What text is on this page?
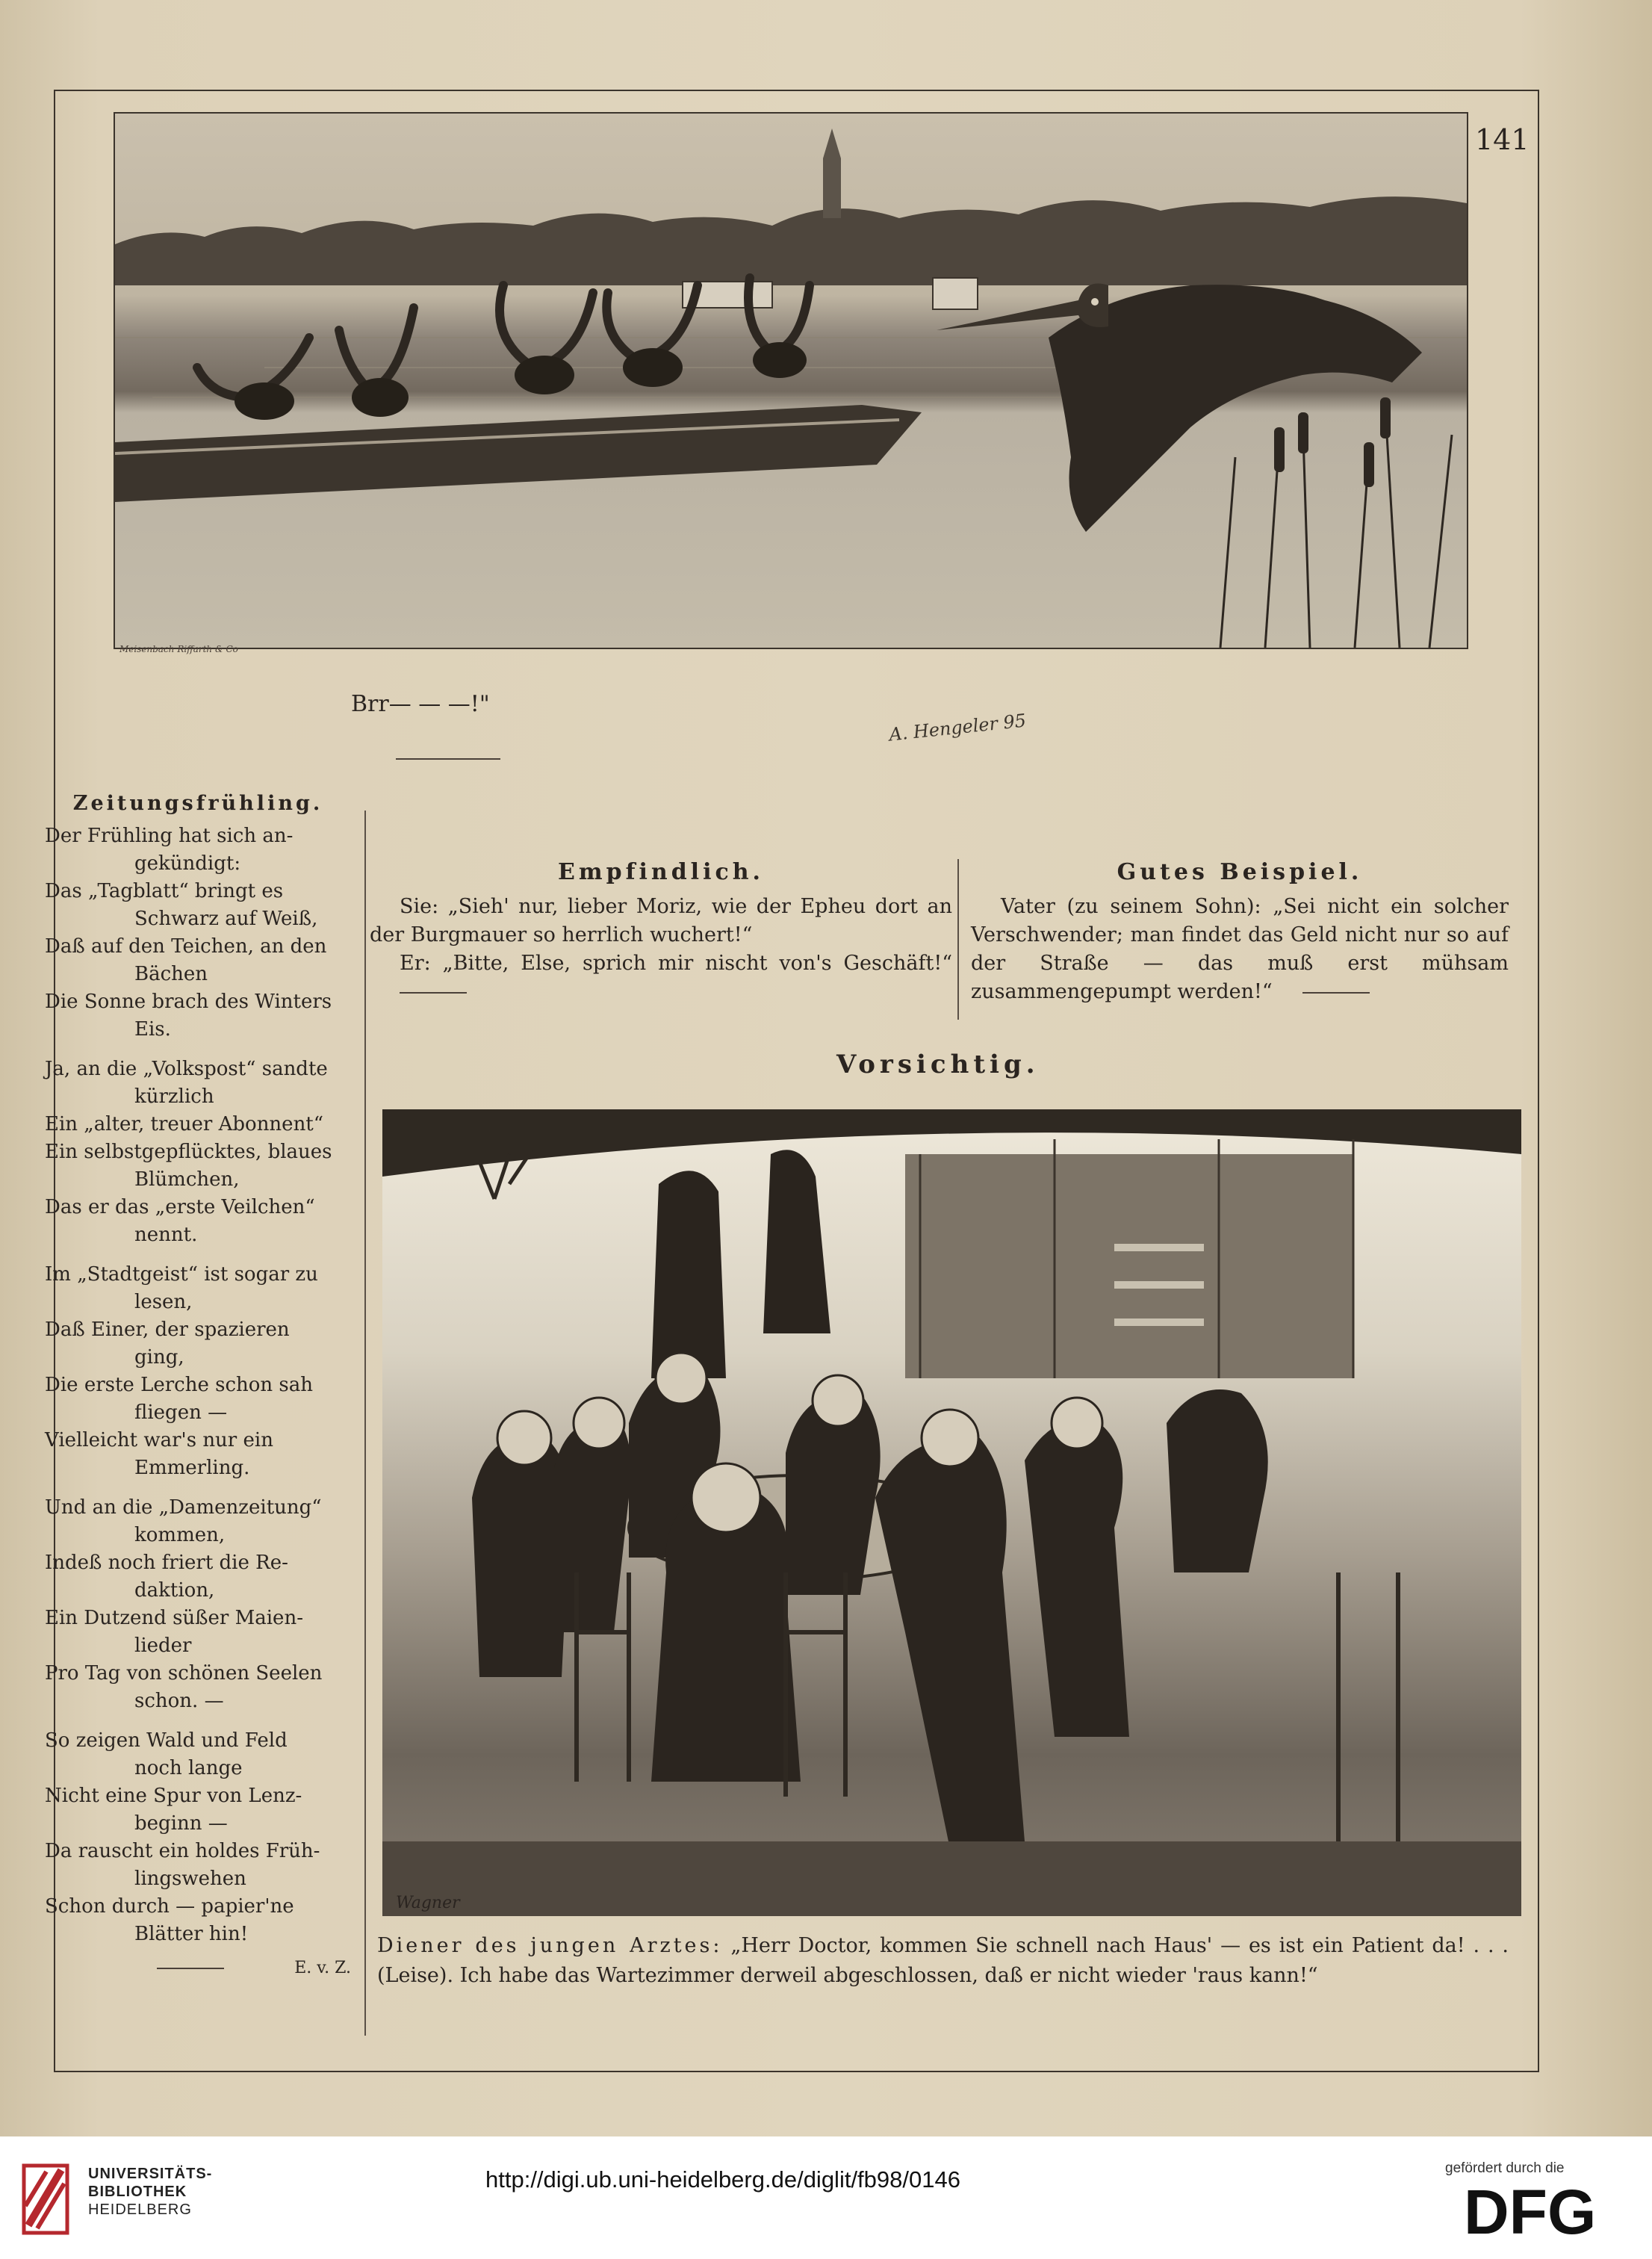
141
Meisenbach Riffarth & Co
A. Hengeler 95
Brr— — —!"
Zeitungsfrühling.
Der Frühling hat sich an-
gekündigt:
Das „Tagblatt“ bringt es
Schwarz auf Weiß,
Daß auf den Teichen, an den
Bächen
Die Sonne brach des Winters
Eis.
Ja, an die „Volkspost“ sandte
kürzlich
Ein „alter, treuer Abonnent“
Ein selbstgepflücktes, blaues
Blümchen,
Das er das „erste Veilchen“
nennt.
Im „Stadtgeist“ ist sogar zu
lesen,
Daß Einer, der spazieren
ging,
Die erste Lerche schon sah
fliegen —
Vielleicht war's nur ein
Emmerling.
Und an die „Damenzeitung“
kommen,
Indeß noch friert die Re-
daktion,
Ein Dutzend süßer Maien-
lieder
Pro Tag von schönen Seelen
schon. —
So zeigen Wald und Feld
noch lange
Nicht eine Spur von Lenz-
beginn —
Da rauscht ein holdes Früh-
lingswehen
Schon durch — papier'ne
Blätter hin!
E. v. Z.
Empfindlich.

Sie: „Sieh' nur, lieber Moriz, wie der Epheu dort an der Burgmauer so herrlich wuchert!“

Er: „Bitte, Else, sprich mir nischt von's Geschäft!“

Gutes Beispiel.

Vater (zu seinem Sohn): „Sei nicht ein solcher Verschwender; man findet das Geld nicht nur so auf der Straße — das muß erst mühsam zusammengepumpt werden!“

Vorsichtig.
Wagner
Diener des jungen Arztes: „Herr Doctor, kommen Sie schnell nach Haus' — es ist ein Patient da! . . . (Leise). Ich habe das Wartezimmer derweil abgeschlossen, daß er nicht wieder 'raus kann!“
UNIVERSITÄTS-
BIBLIOTHEK
HEIDELBERG
http://digi.ub.uni-heidelberg.de/diglit/fb98/0146	gefördert durch die
DFG
